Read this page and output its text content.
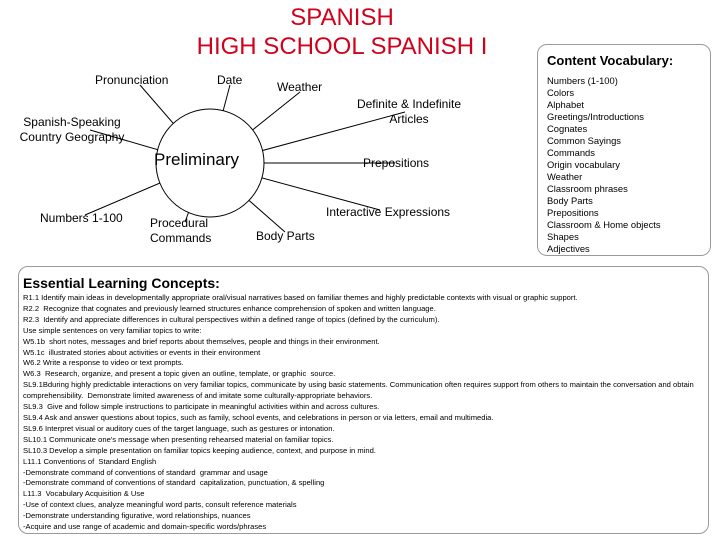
SPANISH
HIGH SCHOOL SPANISH I
Preliminary
Pronunciation	Date	Weather
Definite & Indefinite Articles
Spanish-Speaking Country Geography
Prepositions
Interactive Expressions
Numbers 1-100 Procedural Commands	Body Parts
Content Vocabulary:
Numbers (1-100)
Colors
Alphabet
Greetings/Introductions
Cognates
Common Sayings
Commands
Origin vocabulary
Weather
Classroom phrases
Body Parts
Prepositions
Classroom & Home objects
Shapes
Adjectives
Essential Learning Concepts:
R1.1 Identify main ideas in developmentally appropriate oral/visual narratives based on familiar themes and highly predictable contexts with visual or graphic support.
R2.2  Recognize that cognates and previously learned structures enhance comprehension of spoken and written language.
R2.3  Identify and appreciate differences in cultural perspectives within a defined range of topics (defined by the curriculum).
Use simple sentences on very familiar topics to write:
W5.1b  short notes, messages and brief reports about themselves, people and things in their environment.
W5.1c  illustrated stories about activities or events in their environment
W6.2 Write a response to video or text prompts.
W6.3  Research, organize, and present a topic given an outline, template, or graphic  source.
SL9.1Bduring highly predictable interactions on very familiar topics, communicate by using basic statements. Communication often requires support from others to maintain the conversation and obtain comprehensibility.  Demonstrate limited awareness of and imitate some culturally-appropriate behaviors.
SL9.3  Give and follow simple instructions to participate in meaningful activities within and across cultures.
SL9.4 Ask and answer questions about topics, such as family, school events, and celebrations in person or via letters, email and multimedia.
SL9.6 Interpret visual or auditory cues of the target language, such as gestures or intonation.
SL10.1 Communicate one's message when presenting rehearsed material on familiar topics.
SL10.3 Develop a simple presentation on familiar topics keeping audience, context, and purpose in mind.
L11.1 Conventions of  Standard English
-Demonstrate command of conventions of standard  grammar and usage
-Demonstrate command of conventions of standard  capitalization, punctuation, & spelling
L11.3  Vocabulary Acquisition & Use
-Use of context clues, analyze meaningful word parts, consult reference materials
-Demonstrate understanding figurative, word relationships, nuances
-Acquire and use range of academic and domain-specific words/phrases
